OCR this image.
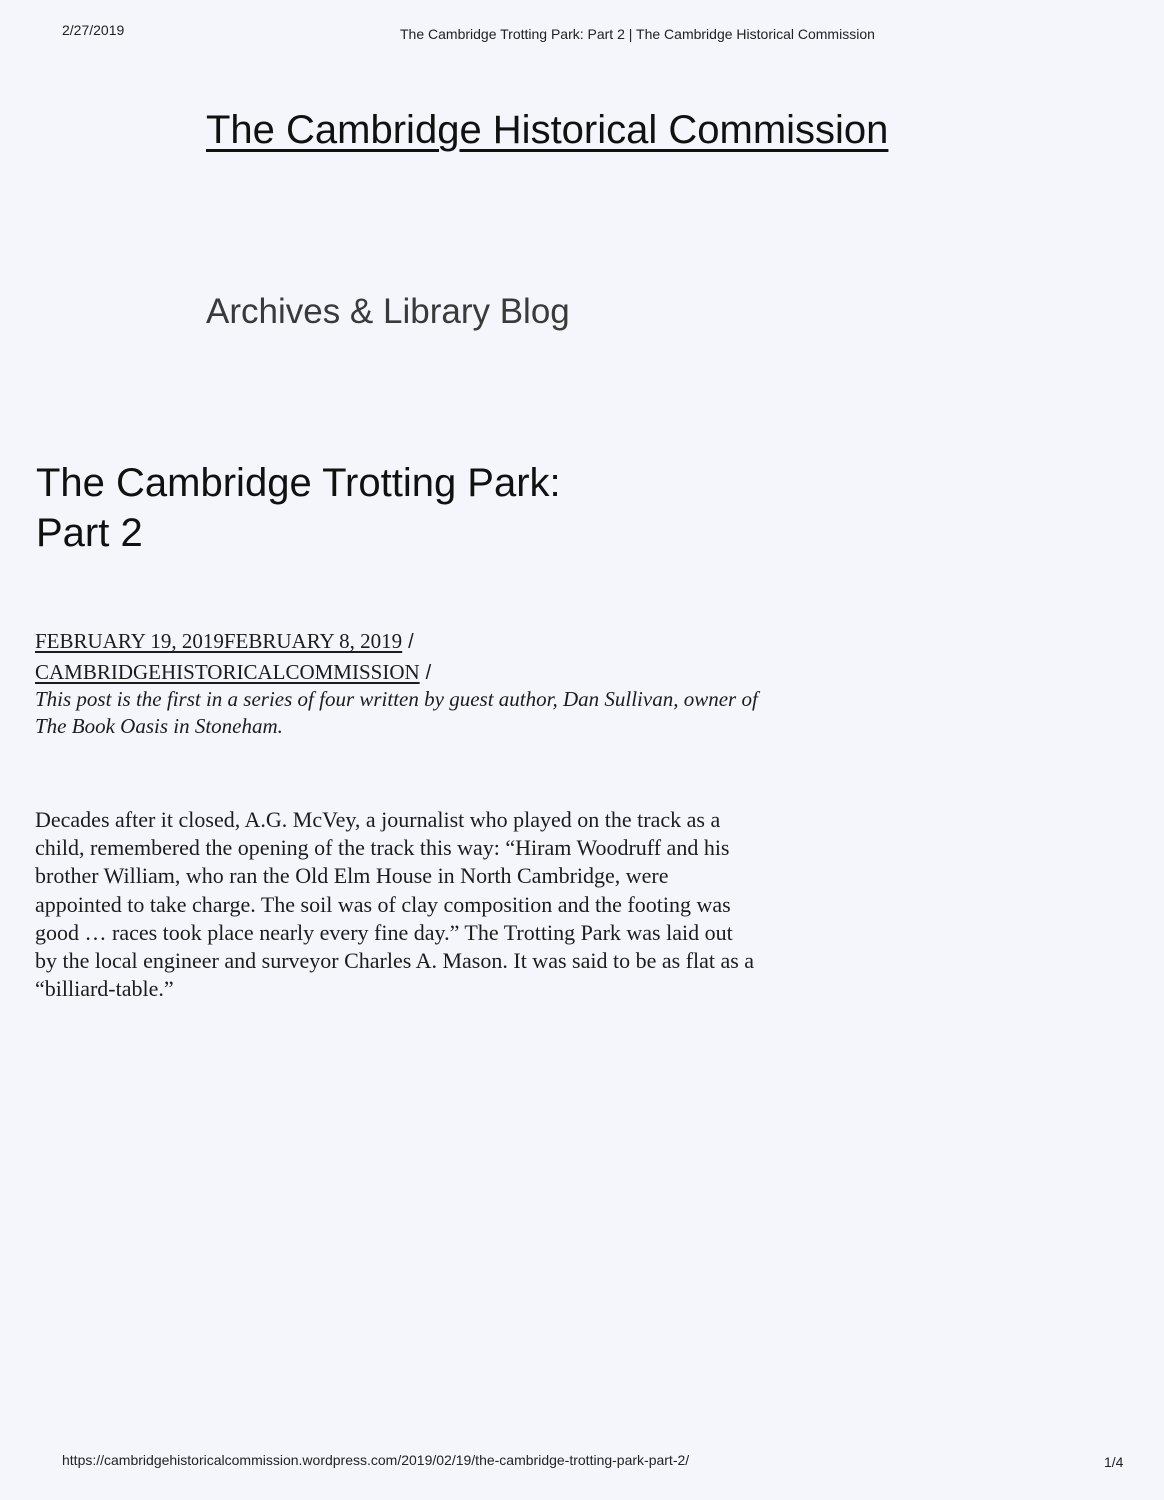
2/27/2019	The Cambridge Trotting Park: Part 2 | The Cambridge Historical Commission
The Cambridge Historical Commission
Archives & Library Blog
The Cambridge Trotting Park:
Part 2
FEBRUARY 19, 2019FEBRUARY 8, 2019 /
CAMBRIDGEHISTORICALCOMMISSION /

This post is the first in a series of four written by guest author, Dan Sullivan, owner of The Book Oasis in Stoneham.

Decades after it closed, A.G. McVey, a journalist who played on the track as a child, remembered the opening of the track this way: “Hiram Woodruff and his brother William, who ran the Old Elm House in North Cambridge, were appointed to take charge. The soil was of clay composition and the footing was good … races took place nearly every fine day.” The Trotting Park was laid out by the local engineer and surveyor Charles A. Mason. It was said to be as flat as a “billiard-table.”

https://cambridgehistoricalcommission.wordpress.com/2019/02/19/the-cambridge-trotting-park-part-2/	1/4
